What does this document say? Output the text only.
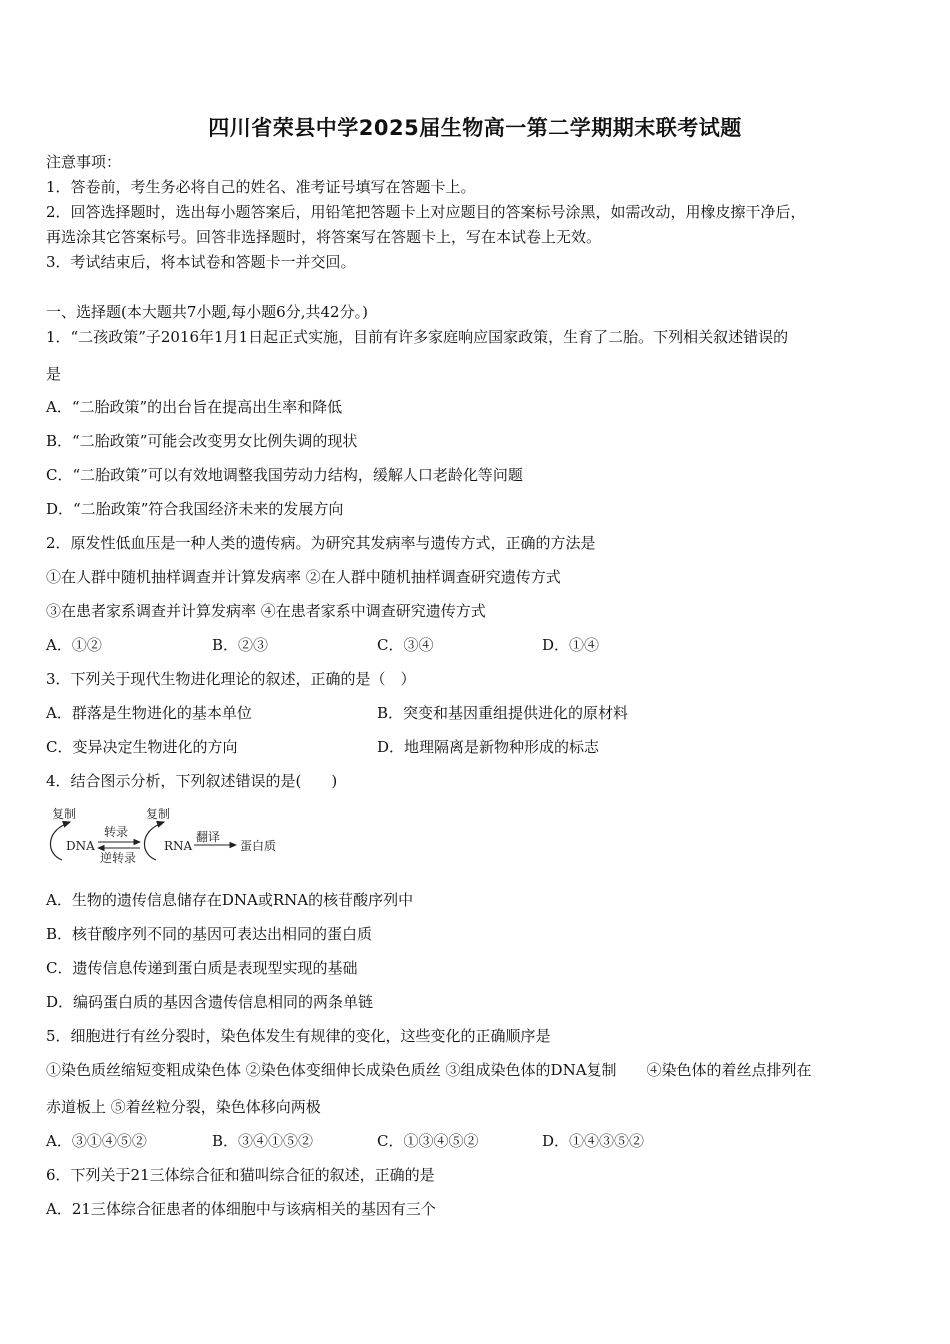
四川省荣县中学2025届生物高一第二学期期末联考试题
注意事项：
1．答卷前，考生务必将自己的姓名、准考证号填写在答题卡上。
2．回答选择题时，选出每小题答案后，用铅笔把答题卡上对应题目的答案标号涂黑，如需改动，用橡皮擦干净后，
再选涂其它答案标号。回答非选择题时，将答案写在答题卡上，写在本试卷上无效。
3．考试结束后，将本试卷和答题卡一并交回。
一、选择题(本大题共7小题,每小题6分,共42分。)
1．“二孩政策”子2016年1月1日起正式实施，目前有许多家庭响应国家政策，生育了二胎。下列相关叙述错误的
是
A．“二胎政策”的出台旨在提高出生率和降低
B．“二胎政策”可能会改变男女比例失调的现状
C．“二胎政策”可以有效地调整我国劳动力结构，缓解人口老龄化等问题
D．“二胎政策”符合我国经济未来的发展方向
2．原发性低血压是一种人类的遗传病。为研究其发病率与遗传方式，正确的方法是
①在人群中随机抽样调查并计算发病率 ②在人群中随机抽样调查研究遗传方式
③在患者家系调查并计算发病率 ④在患者家系中调查研究遗传方式
A．①②	B．②③	C．③④	D．①④
3．下列关于现代生物进化理论的叙述，正确的是（　）
A．群落是生物进化的基本单位	B．突变和基因重组提供进化的原材料
C．变异决定生物进化的方向	D．地理隔离是新物种形成的标志
4．结合图示分析，下列叙述错误的是(　　)
复制	复制
DNA
转录
逆转录
RNA
翻译
蛋白质
A．生物的遗传信息储存在DNA或RNA的核苷酸序列中
B．核苷酸序列不同的基因可表达出相同的蛋白质
C．遗传信息传递到蛋白质是表现型实现的基础
D．编码蛋白质的基因含遗传信息相同的两条单链
5．细胞进行有丝分裂时，染色体发生有规律的变化，这些变化的正确顺序是
①染色质丝缩短变粗成染色体 ②染色体变细伸长成染色质丝 ③组成染色体的DNA复制　　④染色体的着丝点排列在
赤道板上 ⑤着丝粒分裂，染色体移向两极
A．③①④⑤②	B．③④①⑤②	C．①③④⑤②	D．①④③⑤②
6．下列关于21三体综合征和猫叫综合征的叙述，正确的是
A．21三体综合征患者的体细胞中与该病相关的基因有三个
